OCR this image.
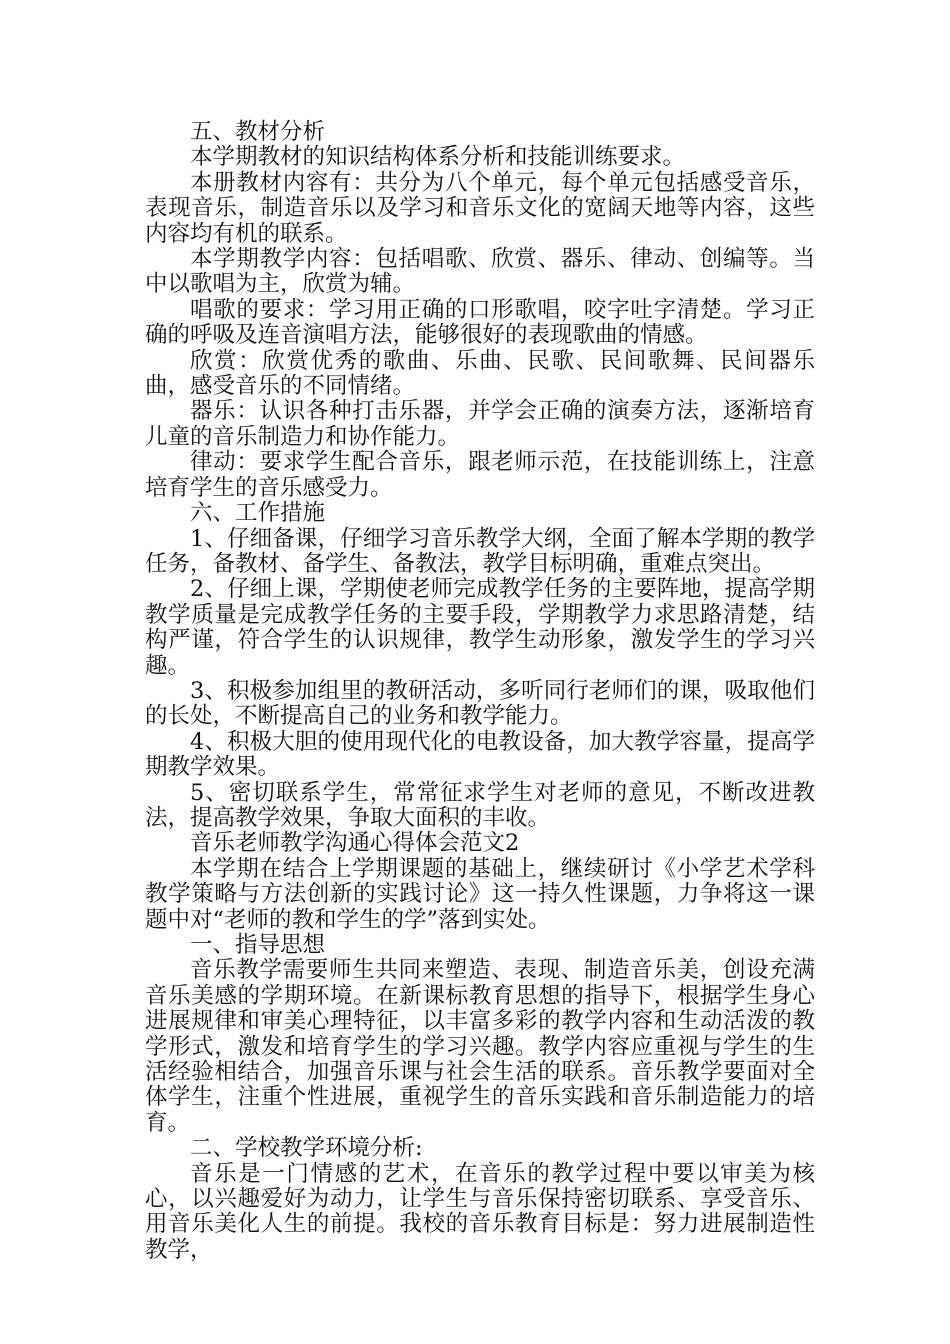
五、教材分析

本学期教材的知识结构体系分析和技能训练要求。

本册教材内容有：共分为八个单元，每个单元包括感受音乐，表现音乐，制造音乐以及学习和音乐文化的宽阔天地等内容，这些内容均有机的联系。

本学期教学内容：包括唱歌、欣赏、器乐、律动、创编等。当中以歌唱为主，欣赏为辅。

唱歌的要求：学习用正确的口形歌唱，咬字吐字清楚。学习正确的呼吸及连音演唱方法，能够很好的表现歌曲的情感。

欣赏：欣赏优秀的歌曲、乐曲、民歌、民间歌舞、民间器乐曲，感受音乐的不同情绪。

器乐：认识各种打击乐器，并学会正确的演奏方法，逐渐培育儿童的音乐制造力和协作能力。

律动：要求学生配合音乐，跟老师示范，在技能训练上，注意培育学生的音乐感受力。

六、工作措施

1、仔细备课，仔细学习音乐教学大纲，全面了解本学期的教学任务，备教材、备学生、备教法，教学目标明确，重难点突出。

2、仔细上课，学期使老师完成教学任务的主要阵地，提高学期教学质量是完成教学任务的主要手段，学期教学力求思路清楚，结构严谨，符合学生的认识规律，教学生动形象，激发学生的学习兴趣。

3、积极参加组里的教研活动，多听同行老师们的课，吸取他们的长处，不断提高自己的业务和教学能力。

4、积极大胆的使用现代化的电教设备，加大教学容量，提高学期教学效果。

5、密切联系学生，常常征求学生对老师的意见，不断改进教法，提高教学效果，争取大面积的丰收。

音乐老师教学沟通心得体会范文2

本学期在结合上学期课题的基础上，继续研讨《小学艺术学科教学策略与方法创新的实践讨论》这一持久性课题，力争将这一课题中对“老师的教和学生的学”落到实处。

一、指导思想

音乐教学需要师生共同来塑造、表现、制造音乐美，创设充满音乐美感的学期环境。在新课标教育思想的指导下，根据学生身心进展规律和审美心理特征，以丰富多彩的教学内容和生动活泼的教学形式，激发和培育学生的学习兴趣。教学内容应重视与学生的生活经验相结合，加强音乐课与社会生活的联系。音乐教学要面对全体学生，注重个性进展，重视学生的音乐实践和音乐制造能力的培育。

二、学校教学环境分析:

音乐是一门情感的艺术，在音乐的教学过程中要以审美为核心，以兴趣爱好为动力，让学生与音乐保持密切联系、享受音乐、用音乐美化人生的前提。我校的音乐教育目标是：努力进展制造性教学，
